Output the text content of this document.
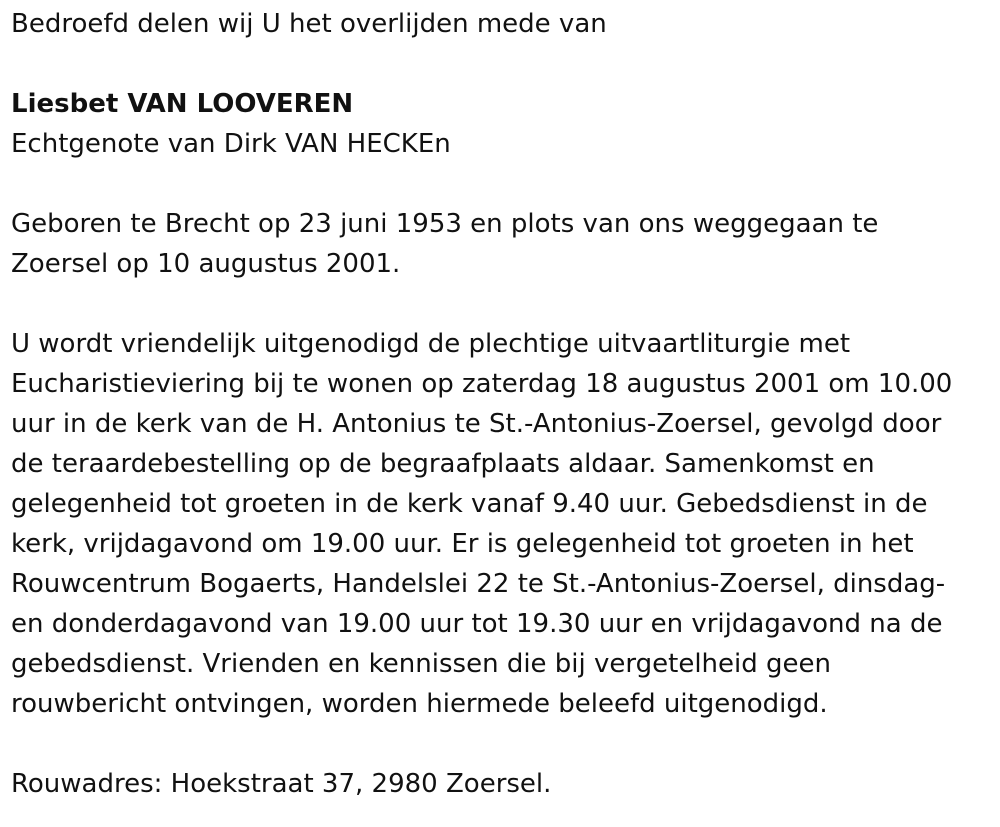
Bedroefd delen wij U het overlijden mede van

Liesbet VAN LOOVEREN

Echtgenote van Dirk VAN HECKEn

Geboren te Brecht op 23 juni 1953 en plots van ons weggegaan te

Zoersel op 10 augustus 2001.

U wordt vriendelijk uitgenodigd de plechtige uitvaartliturgie met

Eucharistieviering bij te wonen op zaterdag 18 augustus 2001 om 10.00

uur in de kerk van de H. Antonius te St.-Antonius-Zoersel, gevolgd door

de teraardebestelling op de begraafplaats aldaar. Samenkomst en

gelegenheid tot groeten in de kerk vanaf 9.40 uur. Gebedsdienst in de

kerk, vrijdagavond om 19.00 uur. Er is gelegenheid tot groeten in het

Rouwcentrum Bogaerts, Handelslei 22 te St.-Antonius-Zoersel, dinsdag-

en donderdagavond van 19.00 uur tot 19.30 uur en vrijdagavond na de

gebedsdienst. Vrienden en kennissen die bij vergetelheid geen

rouwbericht ontvingen, worden hiermede beleefd uitgenodigd.

Rouwadres: Hoekstraat 37, 2980 Zoersel.
